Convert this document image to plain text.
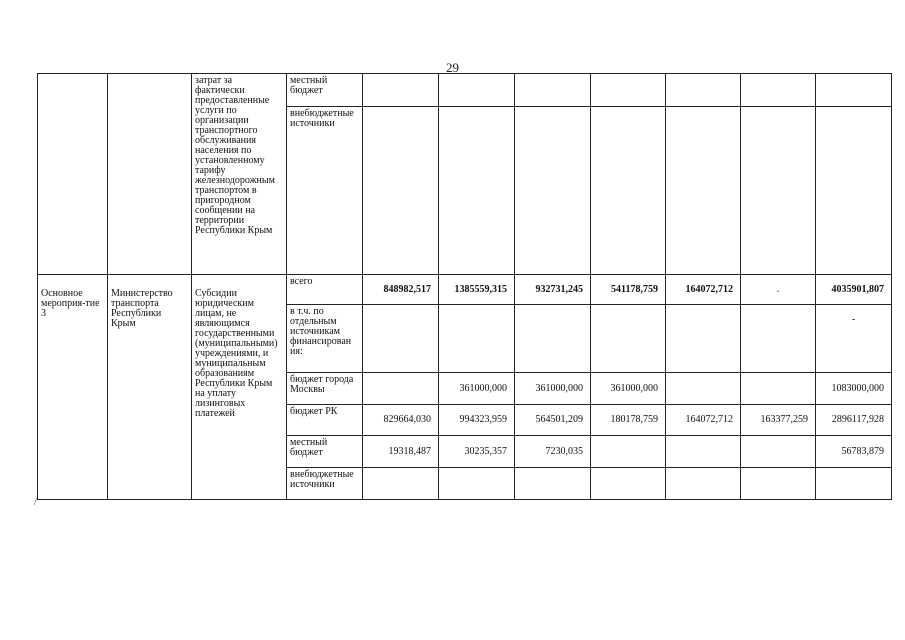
29
		затрат за фактически предоставленные услуги по организации транспортного обслуживания населения по установленному тарифу железнодорожным транспортом в пригородном сообщении на территории Республики Крым	местный бюджет							
			внебюджетные источники							
Основное мероприя-тие 3	Министерство транспорта Республики Крым	Субсидии юридическим лицам, не являющимся государственными (муниципальными) учреждениями, и муниципальным образованиям Республики Крым на уплату лизинговых платежей	всего	848982,517	1385559,315	932731,245	541178,759	164072,712	.	4035901,807
			в т.ч. по отдельным источникам финансирован ия:							-
			бюджет города Москвы		361000,000	361000,000	361000,000			1083000,000
			бюджет РК	829664,030	994323,959	564501,209	180178,759	164072,712	163377,259	2896117,928
			местный бюджет	19318,487	30235,357	7230,035				56783,879
			внебюджетные источники							
/
